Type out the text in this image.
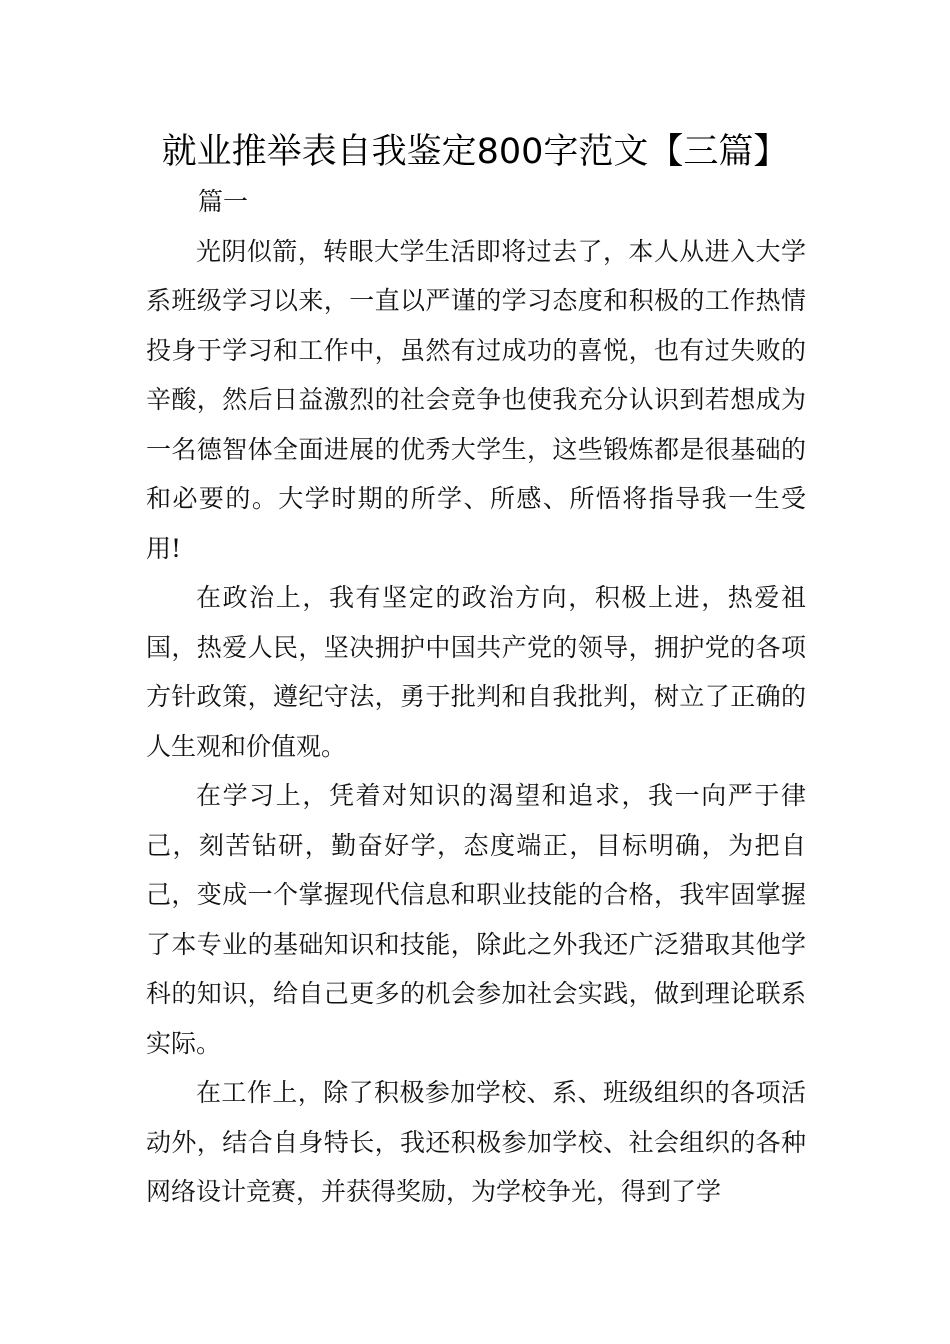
就业推举表自我鉴定800字范文【三篇】

篇一

光阴似箭，转眼大学生活即将过去了，本人从进入大学系班级学习以来，一直以严谨的学习态度和积极的工作热情投身于学习和工作中，虽然有过成功的喜悦，也有过失败的辛酸，然后日益激烈的社会竞争也使我充分认识到若想成为一名德智体全面进展的优秀大学生，这些锻炼都是很基础的和必要的。大学时期的所学、所感、所悟将指导我一生受用!

在政治上，我有坚定的政治方向，积极上进，热爱祖国，热爱人民，坚决拥护中国共产党的领导，拥护党的各项方针政策，遵纪守法，勇于批判和自我批判，树立了正确的人生观和价值观。

在学习上，凭着对知识的渴望和追求，我一向严于律己，刻苦钻研，勤奋好学，态度端正，目标明确，为把自己，变成一个掌握现代信息和职业技能的合格，我牢固掌握了本专业的基础知识和技能，除此之外我还广泛猎取其他学科的知识，给自己更多的机会参加社会实践，做到理论联系实际。

在工作上，除了积极参加学校、系、班级组织的各项活动外，结合自身特长，我还积极参加学校、社会组织的各种网络设计竞赛，并获得奖励，为学校争光，得到了学
